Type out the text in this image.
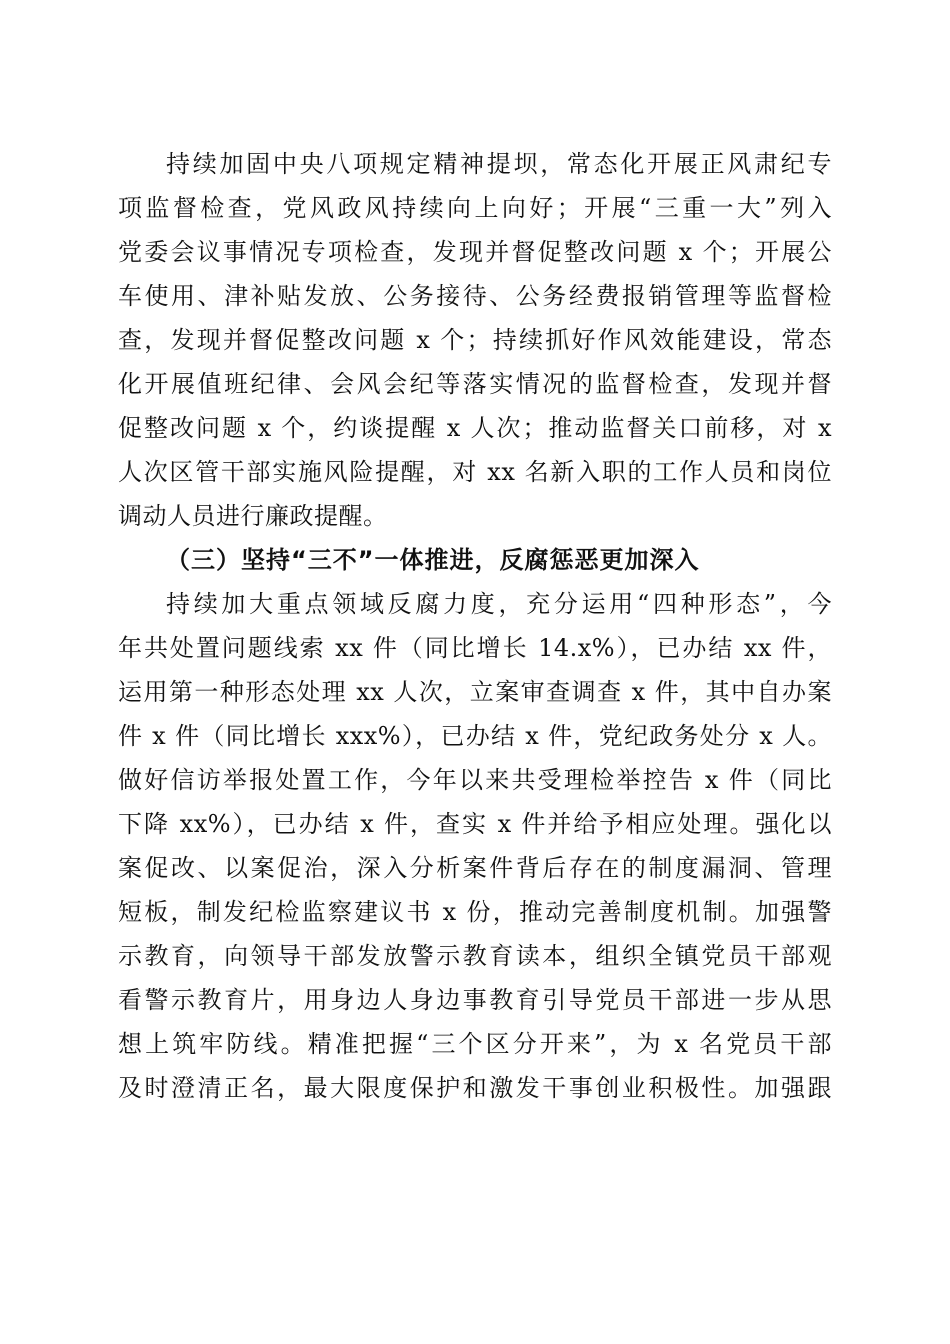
持续加固中央八项规定精神提坝，常态化开展正风肃纪专
项监督检查，党风政风持续向上向好；开展“三重一大”列入
党委会议事情况专项检查，发现并督促整改问题 x 个；开展公
车使用、津补贴发放、公务接待、公务经费报销管理等监督检
查，发现并督促整改问题 x 个；持续抓好作风效能建设，常态
化开展值班纪律、会风会纪等落实情况的监督检查，发现并督
促整改问题 x 个，约谈提醒 x 人次；推动监督关口前移，对 x
人次区管干部实施风险提醒，对 xx 名新入职的工作人员和岗位
调动人员进行廉政提醒。
（三）坚持“三不”一体推进，反腐惩恶更加深入
持续加大重点领域反腐力度，充分运用“四种形态”，今
年共处置问题线索 xx 件（同比增长 14.x%），已办结 xx 件，
运用第一种形态处理 xx 人次，立案审查调查 x 件，其中自办案
件 x 件（同比增长 xxx%），已办结 x 件，党纪政务处分 x 人。
做好信访举报处置工作，今年以来共受理检举控告 x 件（同比
下降 xx%），已办结 x 件，查实 x 件并给予相应处理。强化以
案促改、以案促治，深入分析案件背后存在的制度漏洞、管理
短板，制发纪检监察建议书 x 份，推动完善制度机制。加强警
示教育，向领导干部发放警示教育读本，组织全镇党员干部观
看警示教育片，用身边人身边事教育引导党员干部进一步从思
想上筑牢防线。精准把握“三个区分开来”，为 x 名党员干部
及时澄清正名，最大限度保护和激发干事创业积极性。加强跟
